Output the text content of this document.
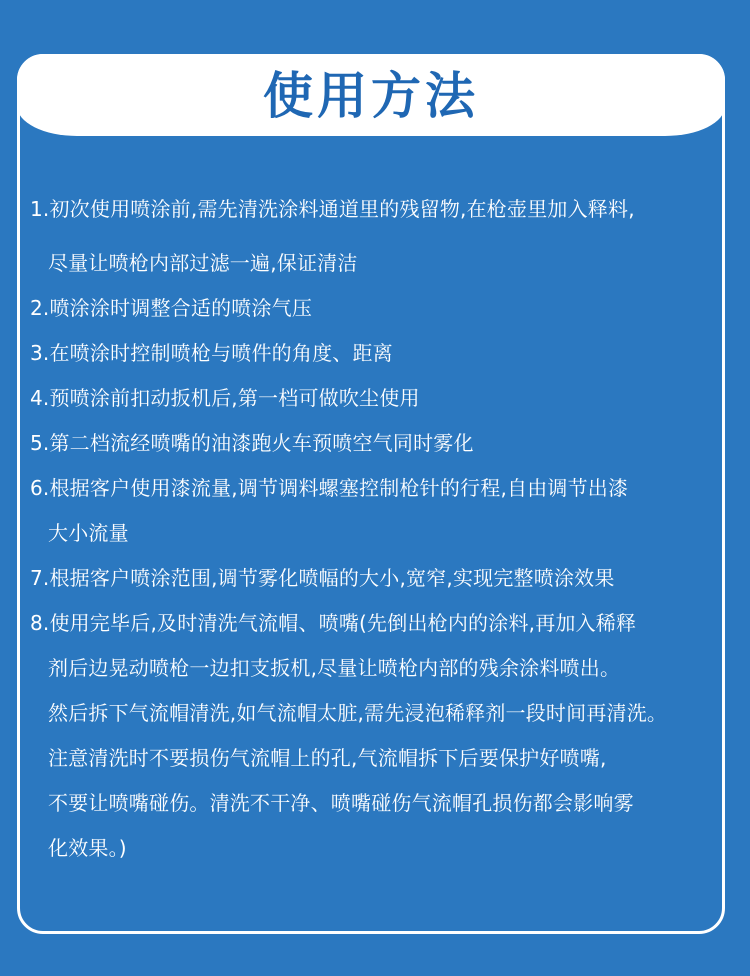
使用方法
1.初次使用喷涂前,需先清洗涂料通道里的残留物,在枪壶里加入释料,
尽量让喷枪内部过滤一遍,保证清洁
2.喷涂涂时调整合适的喷涂气压
3.在喷涂时控制喷枪与喷件的角度、距离
4.预喷涂前扣动扳机后,第一档可做吹尘使用
5.第二档流经喷嘴的油漆跑火车预喷空气同时雾化
6.根据客户使用漆流量,调节调料螺塞控制枪针的行程,自由调节出漆
大小流量
7.根据客户喷涂范围,调节雾化喷幅的大小,宽窄,实现完整喷涂效果
8.使用完毕后,及时清洗气流帽、喷嘴(先倒出枪内的涂料,再加入稀释
剂后边晃动喷枪一边扣支扳机,尽量让喷枪内部的残余涂料喷出。
然后拆下气流帽清洗,如气流帽太脏,需先浸泡稀释剂一段时间再清洗。
注意清洗时不要损伤气流帽上的孔,气流帽拆下后要保护好喷嘴,
不要让喷嘴碰伤。清洗不干净、喷嘴碰伤气流帽孔损伤都会影响雾
化效果。)
